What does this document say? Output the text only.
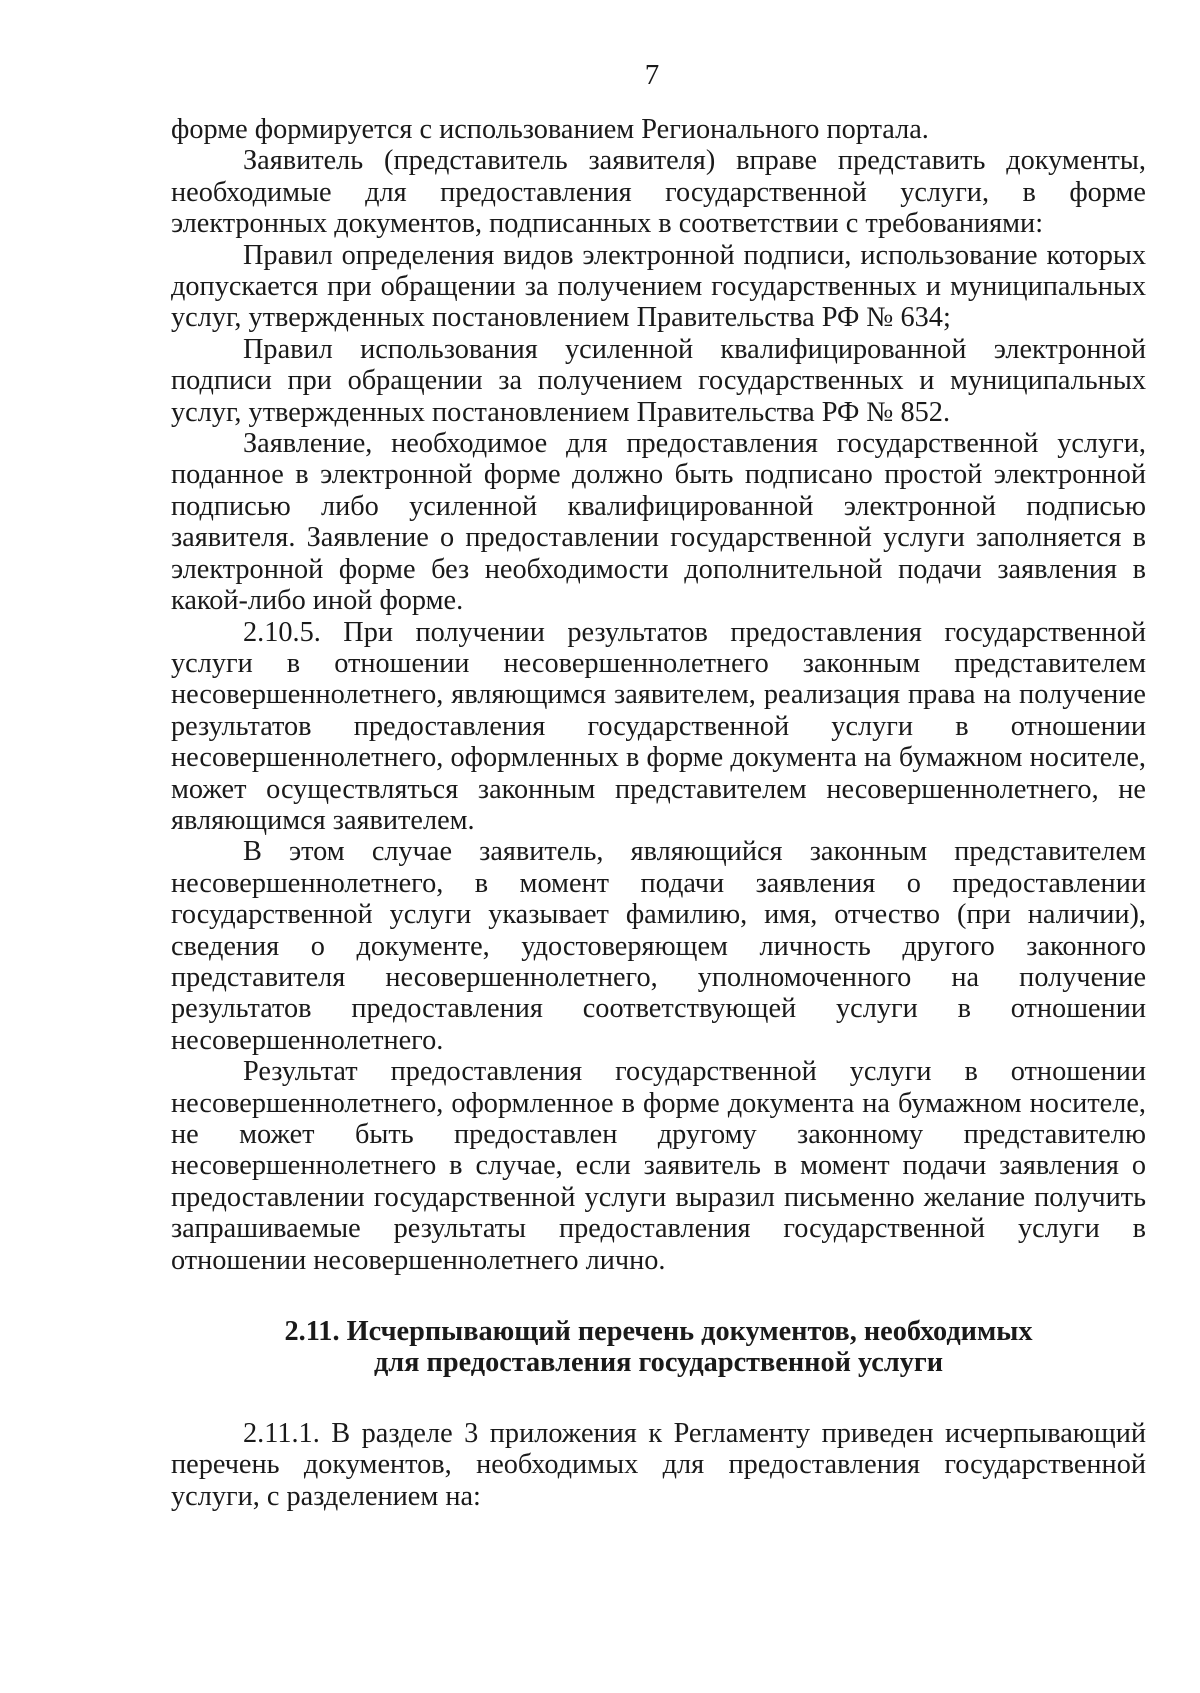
7

форме формируется с использованием Регионального портала.

Заявитель (представитель заявителя) вправе представить документы, необходимые для предоставления государственной услуги, в форме электронных документов, подписанных в соответствии с требованиями:

Правил определения видов электронной подписи, использование которых допускается при обращении за получением государственных и муниципальных услуг, утвержденных постановлением Правительства РФ № 634;

Правил использования усиленной квалифицированной электронной подписи при обращении за получением государственных и муниципальных услуг, утвержденных постановлением Правительства РФ № 852.

Заявление, необходимое для предоставления государственной услуги, поданное в электронной форме должно быть подписано простой электронной подписью либо усиленной квалифицированной электронной подписью заявителя. Заявление о предоставлении государственной услуги заполняется в электронной форме без необходимости дополнительной подачи заявления в какой-либо иной форме.

2.10.5. При получении результатов предоставления государственной услуги в отношении несовершеннолетнего законным представителем несовершеннолетнего, являющимся заявителем, реализация права на получение результатов предоставления государственной услуги в отношении несовершеннолетнего, оформленных в форме документа на бумажном носителе, может осуществляться законным представителем несовершеннолетнего, не являющимся заявителем.

В этом случае заявитель, являющийся законным представителем несовершеннолетнего, в момент подачи заявления о предоставлении государственной услуги указывает фамилию, имя, отчество (при наличии), сведения о документе, удостоверяющем личность другого законного представителя несовершеннолетнего, уполномоченного на получение результатов предоставления соответствующей услуги в отношении несовершеннолетнего.

Результат предоставления государственной услуги в отношении несовершеннолетнего, оформленное в форме документа на бумажном носителе, не может быть предоставлен другому законному представителю несовершеннолетнего в случае, если заявитель в момент подачи заявления о предоставлении государственной услуги выразил письменно желание получить запрашиваемые результаты предоставления государственной услуги в отношении несовершеннолетнего лично.

2.11. Исчерпывающий перечень документов, необходимых
для предоставления государственной услуги

2.11.1. В разделе 3 приложения к Регламенту приведен исчерпывающий перечень документов, необходимых для предоставления государственной услуги, с разделением на:
